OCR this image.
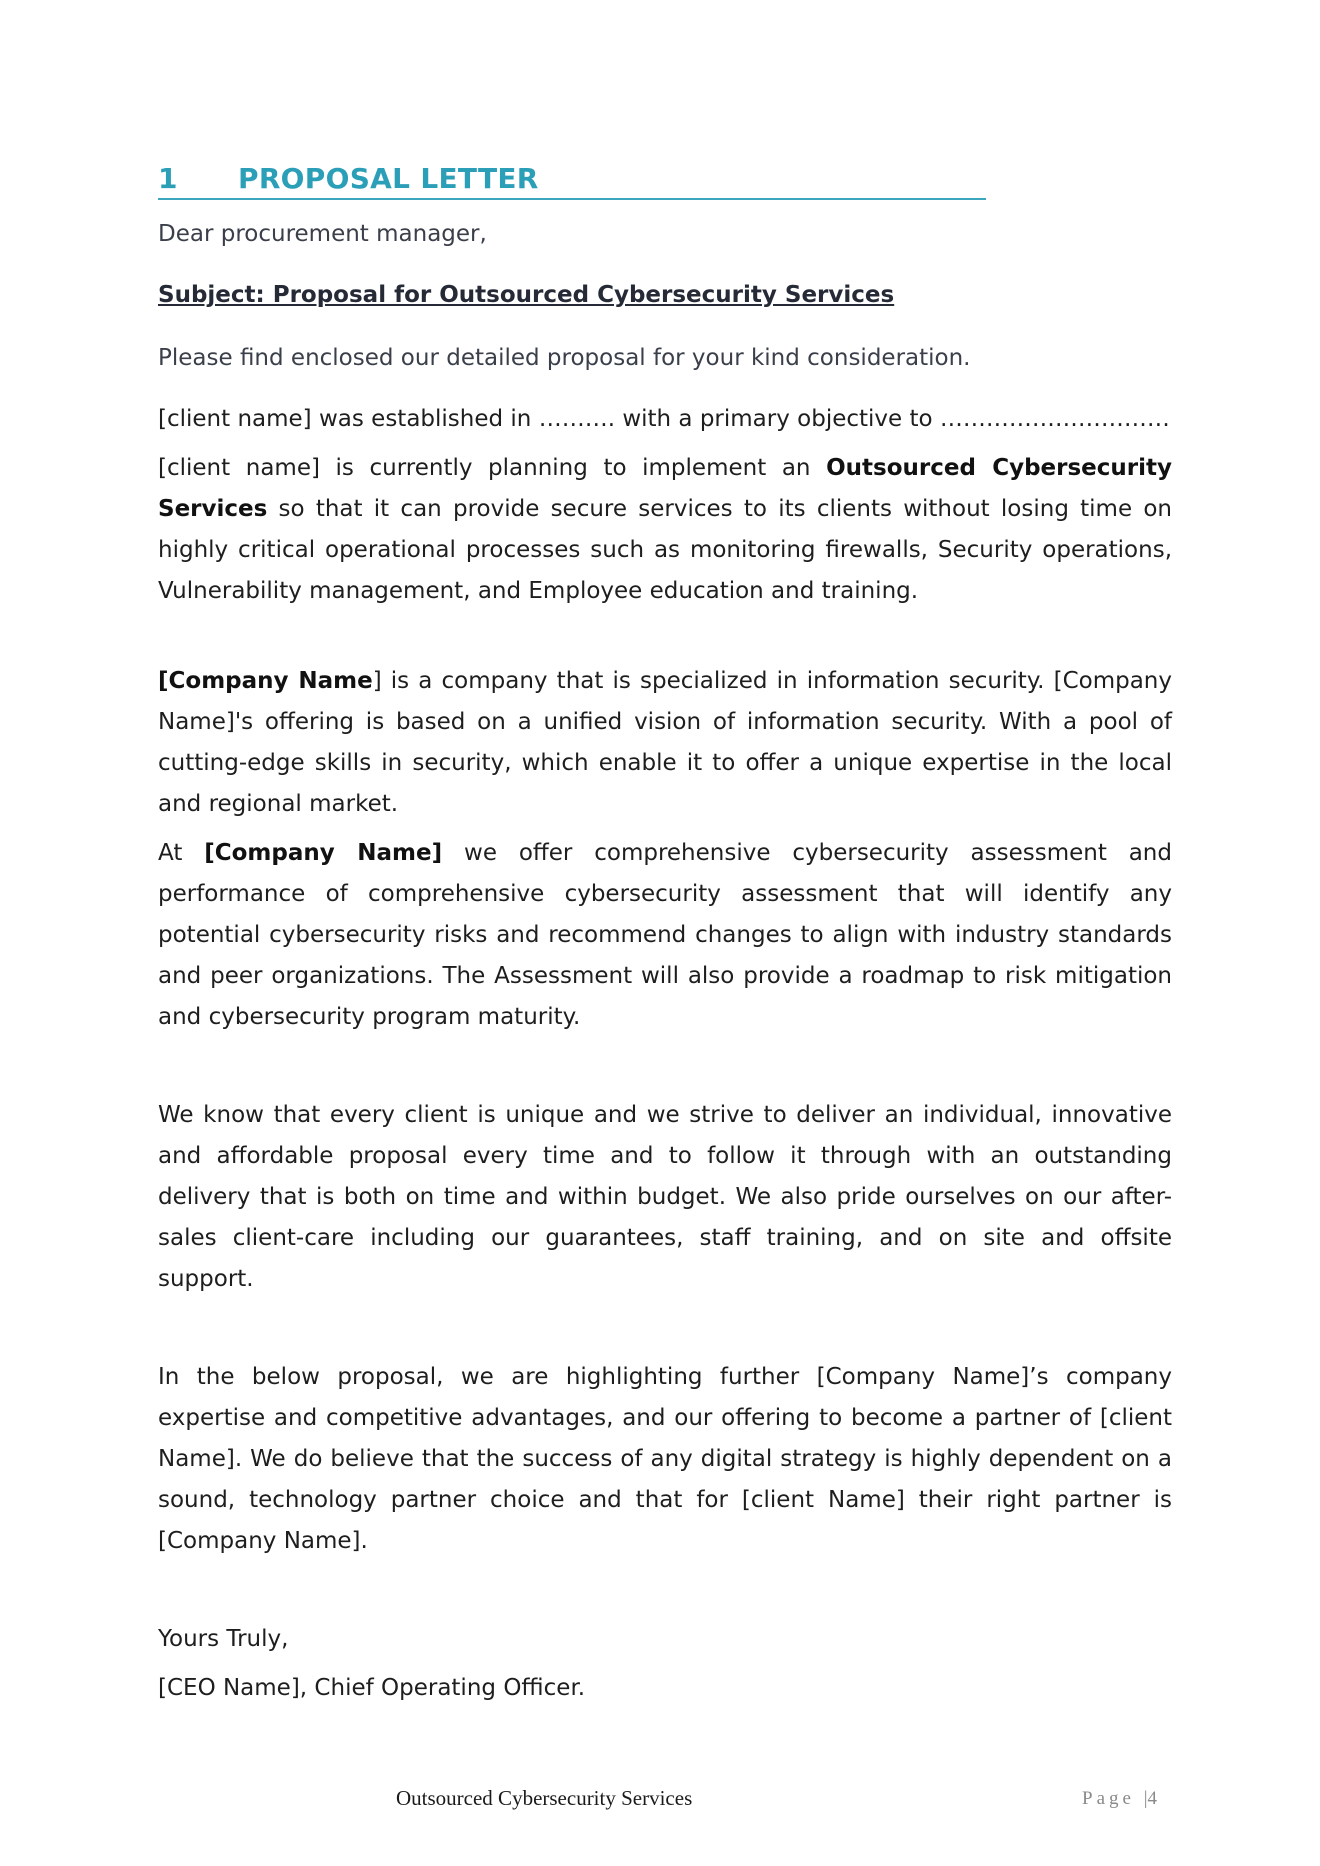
1 PROPOSAL LETTER

Dear procurement manager,

Subject: Proposal for Outsourced Cybersecurity Services

Please find enclosed our detailed proposal for your kind consideration.

[client name] was established in ………. with a primary objective to …………………………

[client name] is currently planning to implement an Outsourced Cybersecurity Services so that it can provide secure services to its clients without losing time on highly critical operational processes such as monitoring firewalls, Security operations, Vulnerability management, and Employee education and training.

[Company Name] is a company that is specialized in information security. [Company Name]'s offering is based on a unified vision of information security. With a pool of cutting-edge skills in security, which enable it to offer a unique expertise in the local and regional market.

At [Company Name] we offer comprehensive cybersecurity assessment and performance of comprehensive cybersecurity assessment that will identify any potential cybersecurity risks and recommend changes to align with industry standards and peer organizations. The Assessment will also provide a roadmap to risk mitigation and cybersecurity program maturity.

We know that every client is unique and we strive to deliver an individual, innovative and affordable proposal every time and to follow it through with an outstanding delivery that is both on time and within budget. We also pride ourselves on our after-sales client-care including our guarantees, staff training, and on site and offsite support.

In the below proposal, we are highlighting further [Company Name]’s company expertise and competitive advantages, and our offering to become a partner of [client Name]. We do believe that the success of any digital strategy is highly dependent on a sound, technology partner choice and that for [client Name] their right partner is [Company Name].

Yours Truly,

[CEO Name], Chief Operating Officer.

Outsourced Cybersecurity Services	Page |4
